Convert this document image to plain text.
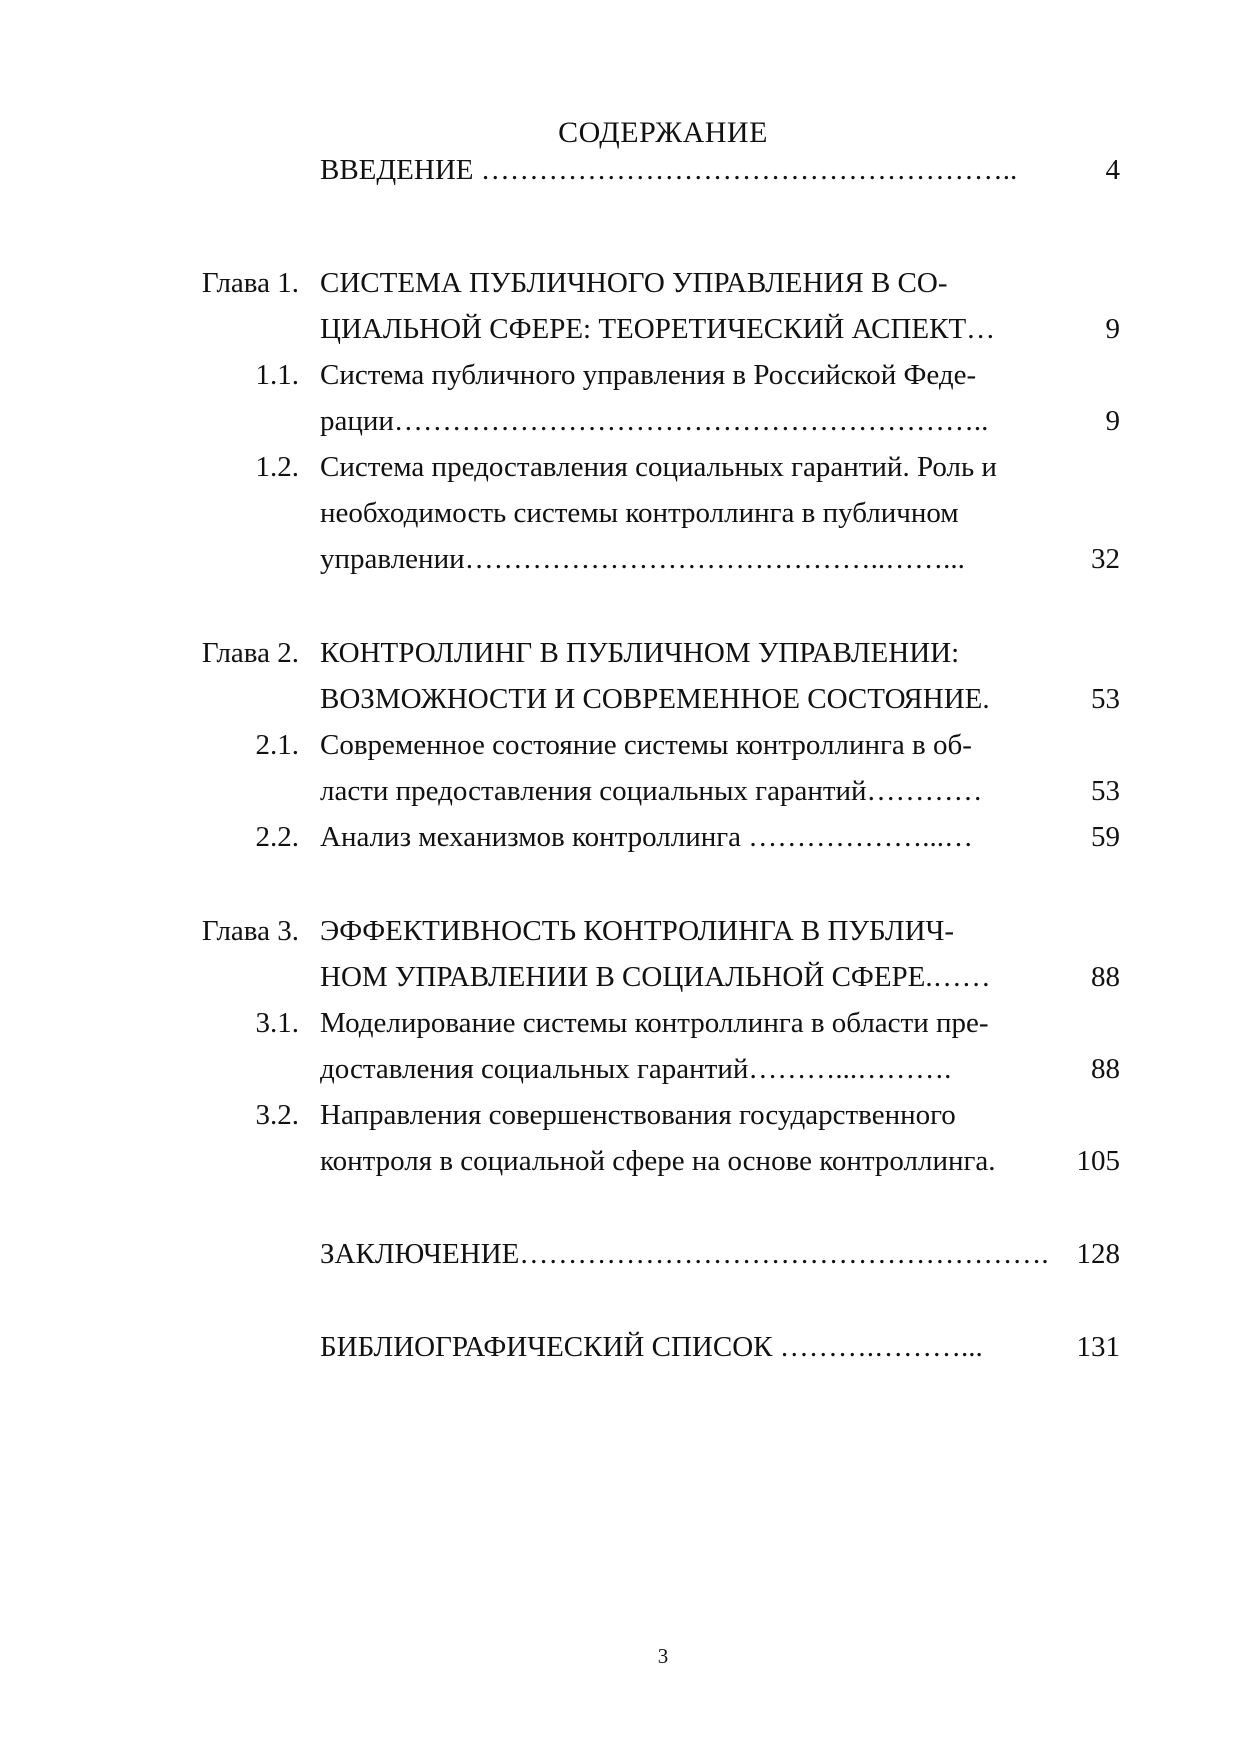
СОДЕРЖАНИЕ
ВВЕДЕНИЕ ………………………………………………..	4
Глава 1. СИСТЕМА ПУБЛИЧНОГО УПРАВЛЕНИЯ В СО-
ЦИАЛЬНОЙ СФЕРЕ: ТЕОРЕТИЧЕСКИЙ АСПЕКТ…	9
1.1. Система публичного управления в Российской Феде-
рации……………………………………………………..	9
1.2. Система предоставления социальных гарантий. Роль и
необходимость системы контроллинга в публичном
управлении……………………………………..……...	32
Глава 2. КОНТРОЛЛИНГ В ПУБЛИЧНОМ УПРАВЛЕНИИ:
ВОЗМОЖНОСТИ И СОВРЕМЕННОЕ СОСТОЯНИЕ.	53
2.1. Современное состояние системы контроллинга в об-
ласти предоставления социальных гарантий…………	53
2.2. Анализ механизмов контроллинга ………………...…	59
Глава 3. ЭФФЕКТИВНОСТЬ КОНТРОЛИНГА В ПУБЛИЧ-
НОМ УПРАВЛЕНИИ В СОЦИАЛЬНОЙ СФЕРЕ.……	88
3.1. Моделирование системы контроллинга в области пре-
доставления социальных гарантий………...……….	88
3.2. Направления совершенствования государственного
контроля в социальной сфере на основе контроллинга.	105
ЗАКЛЮЧЕНИЕ………………………………………………. 128
БИБЛИОГРАФИЧЕСКИЙ СПИСОК ……….………...	131
3
